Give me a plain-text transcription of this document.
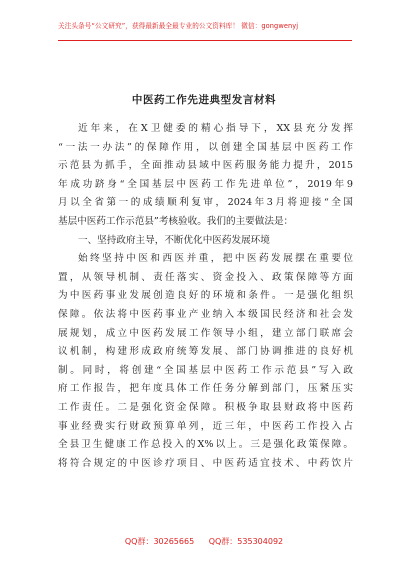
关注头条号“公文研究”，获得最新最全最专业的公文资料库！ 微信：gongwenyj
中医药工作先进典型发言材料
近年来，在X卫健委的精心指导下，XX县充分发挥
“一法一办法”的保障作用，以创建全国基层中医药工作
示范县为抓手，全面推动县域中医药服务能力提升，2015
年成功跻身“全国基层中医药工作先进单位”，2019年9
月以全省第一的成绩顺利复审，2024年3月将迎接“全国
基层中医药工作示范县”考核验收。我们的主要做法是：
一、坚持政府主导，不断优化中医药发展环境
始终坚持中医和西医并重，把中医药发展摆在重要位
置，从领导机制、责任落实、资金投入、政策保障等方面
为中医药事业发展创造良好的环境和条件。一是强化组织
保障。依法将中医药事业产业纳入本级国民经济和社会发
展规划，成立中医药发展工作领导小组，建立部门联席会
议机制，构建形成政府统筹发展、部门协调推进的良好机
制。同时，将创建“全国基层中医药工作示范县”写入政
府工作报告，把年度具体工作任务分解到部门，压紧压实
工作责任。二是强化资金保障。积极争取县财政将中医药
事业经费实行财政预算单列，近三年，中医药工作投入占
全县卫生健康工作总投入的X%以上。三是强化政策保障。
将符合规定的中医诊疗项目、中医药适宜技术、中药饮片
QQ群：30265665 QQ群：535304092
